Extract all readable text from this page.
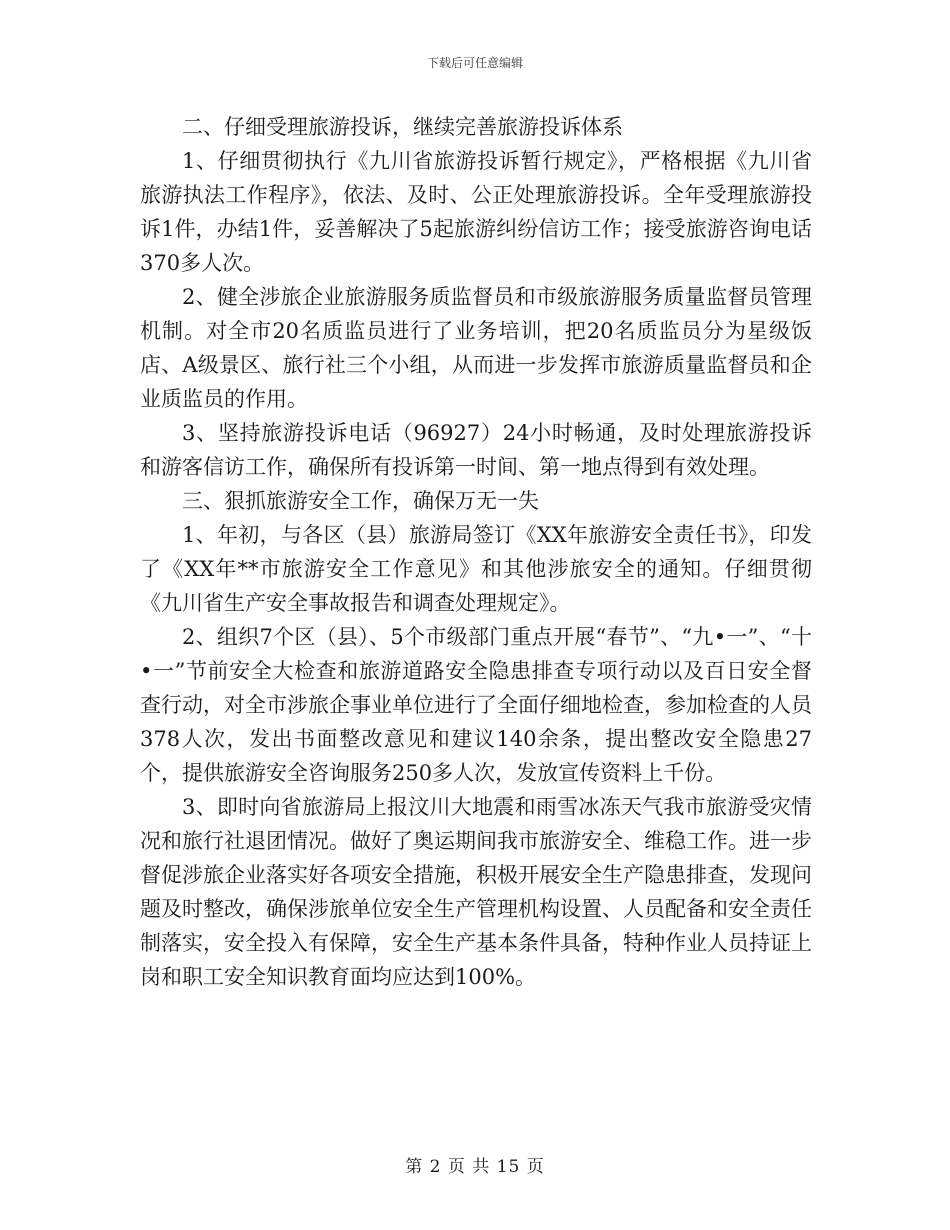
下载后可任意编辑

二、仔细受理旅游投诉，继续完善旅游投诉体系

1、仔细贯彻执行《九川省旅游投诉暂行规定》，严格根据《九川省旅游执法工作程序》，依法、及时、公正处理旅游投诉。全年受理旅游投诉1件，办结1件，妥善解决了5起旅游纠纷信访工作；接受旅游咨询电话370多人次。

2、健全涉旅企业旅游服务质监督员和市级旅游服务质量监督员管理机制。对全市20名质监员进行了业务培训，把20名质监员分为星级饭店、A级景区、旅行社三个小组，从而进一步发挥市旅游质量监督员和企业质监员的作用。

3、坚持旅游投诉电话（96927）24小时畅通，及时处理旅游投诉和游客信访工作，确保所有投诉第一时间、第一地点得到有效处理。

三、狠抓旅游安全工作，确保万无一失

1、年初，与各区（县）旅游局签订《XX年旅游安全责任书》，印发了《XX年**市旅游安全工作意见》和其他涉旅安全的通知。仔细贯彻《九川省生产安全事故报告和调查处理规定》。

2、组织7个区（县）、5个市级部门重点开展“春节”、“九•一”、“十•一”节前安全大检查和旅游道路安全隐患排查专项行动以及百日安全督查行动，对全市涉旅企事业单位进行了全面仔细地检查，参加检查的人员378人次，发出书面整改意见和建议140余条，提出整改安全隐患27个，提供旅游安全咨询服务250多人次，发放宣传资料上千份。

3、即时向省旅游局上报汶川大地震和雨雪冰冻天气我市旅游受灾情况和旅行社退团情况。做好了奥运期间我市旅游安全、维稳工作。进一步督促涉旅企业落实好各项安全措施，积极开展安全生产隐患排查，发现问题及时整改，确保涉旅单位安全生产管理机构设置、人员配备和安全责任制落实，安全投入有保障，安全生产基本条件具备，特种作业人员持证上岗和职工安全知识教育面均应达到100%。

第 2 页 共 15 页
